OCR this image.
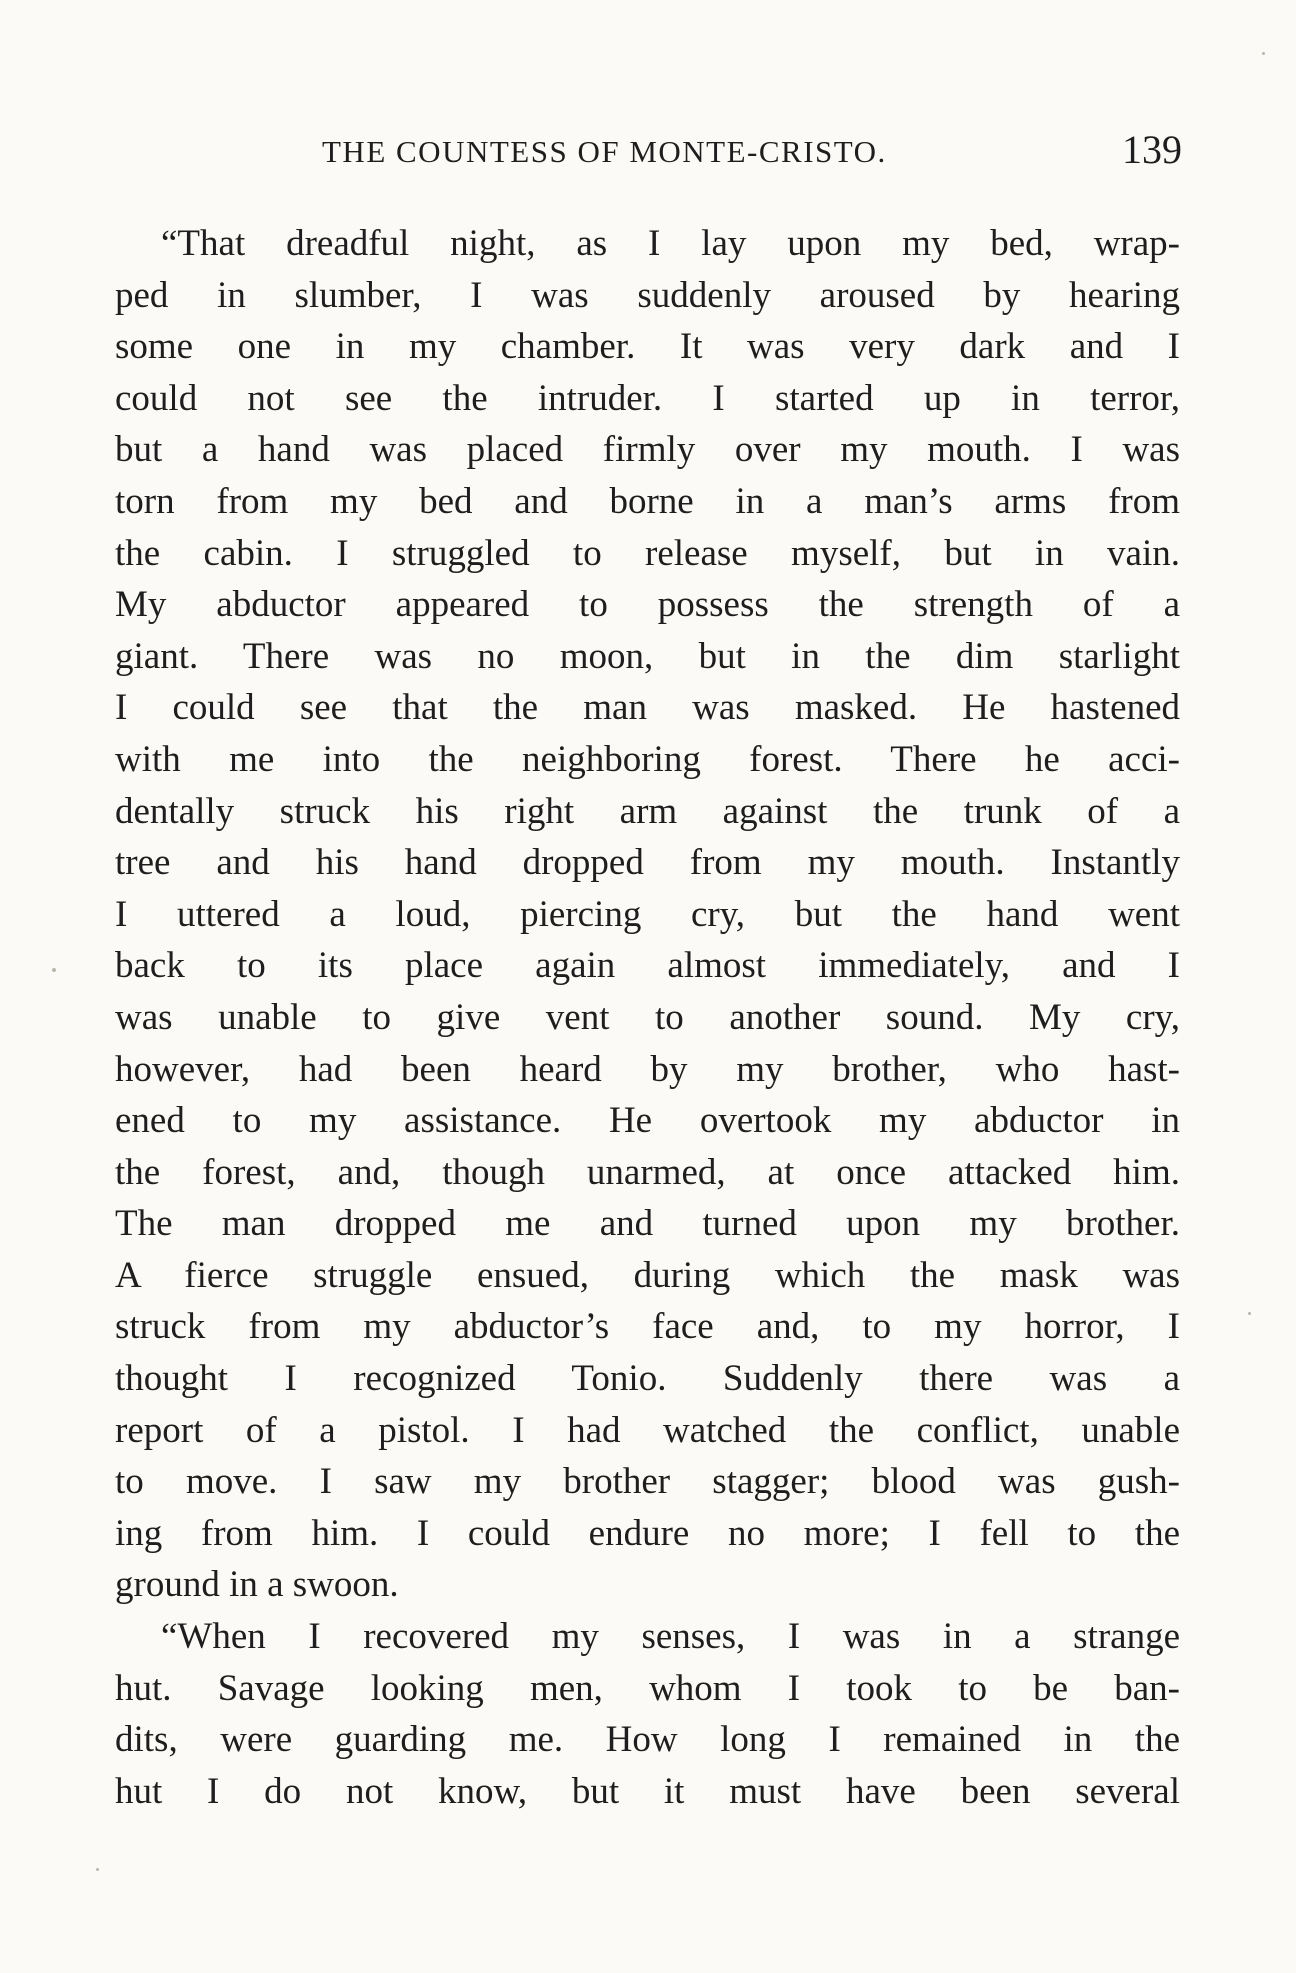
THE COUNTESS OF MONTE-CRISTO.	139

“That dreadful night, as I lay upon my bed, wrap-
ped in slumber, I was suddenly aroused by hearing
some one in my chamber. It was very dark and I
could not see the intruder. I started up in terror,
but a hand was placed firmly over my mouth. I was
torn from my bed and borne in a man’s arms from
the cabin. I struggled to release myself, but in vain.
My abductor appeared to possess the strength of a
giant. There was no moon, but in the dim starlight
I could see that the man was masked. He hastened
with me into the neighboring forest. There he acci-
dentally struck his right arm against the trunk of a
tree and his hand dropped from my mouth. Instantly
I uttered a loud, piercing cry, but the hand went
back to its place again almost immediately, and I
was unable to give vent to another sound. My cry,
however, had been heard by my brother, who hast-
ened to my assistance. He overtook my abductor in
the forest, and, though unarmed, at once attacked him.
The man dropped me and turned upon my brother.
A fierce struggle ensued, during which the mask was
struck from my abductor’s face and, to my horror, I
thought I recognized Tonio. Suddenly there was a
report of a pistol. I had watched the conflict, unable
to move. I saw my brother stagger; blood was gush-
ing from him. I could endure no more; I fell to the
ground in a swoon.

“When I recovered my senses, I was in a strange
hut. Savage looking men, whom I took to be ban-
dits, were guarding me. How long I remained in the
hut I do not know, but it must have been several
